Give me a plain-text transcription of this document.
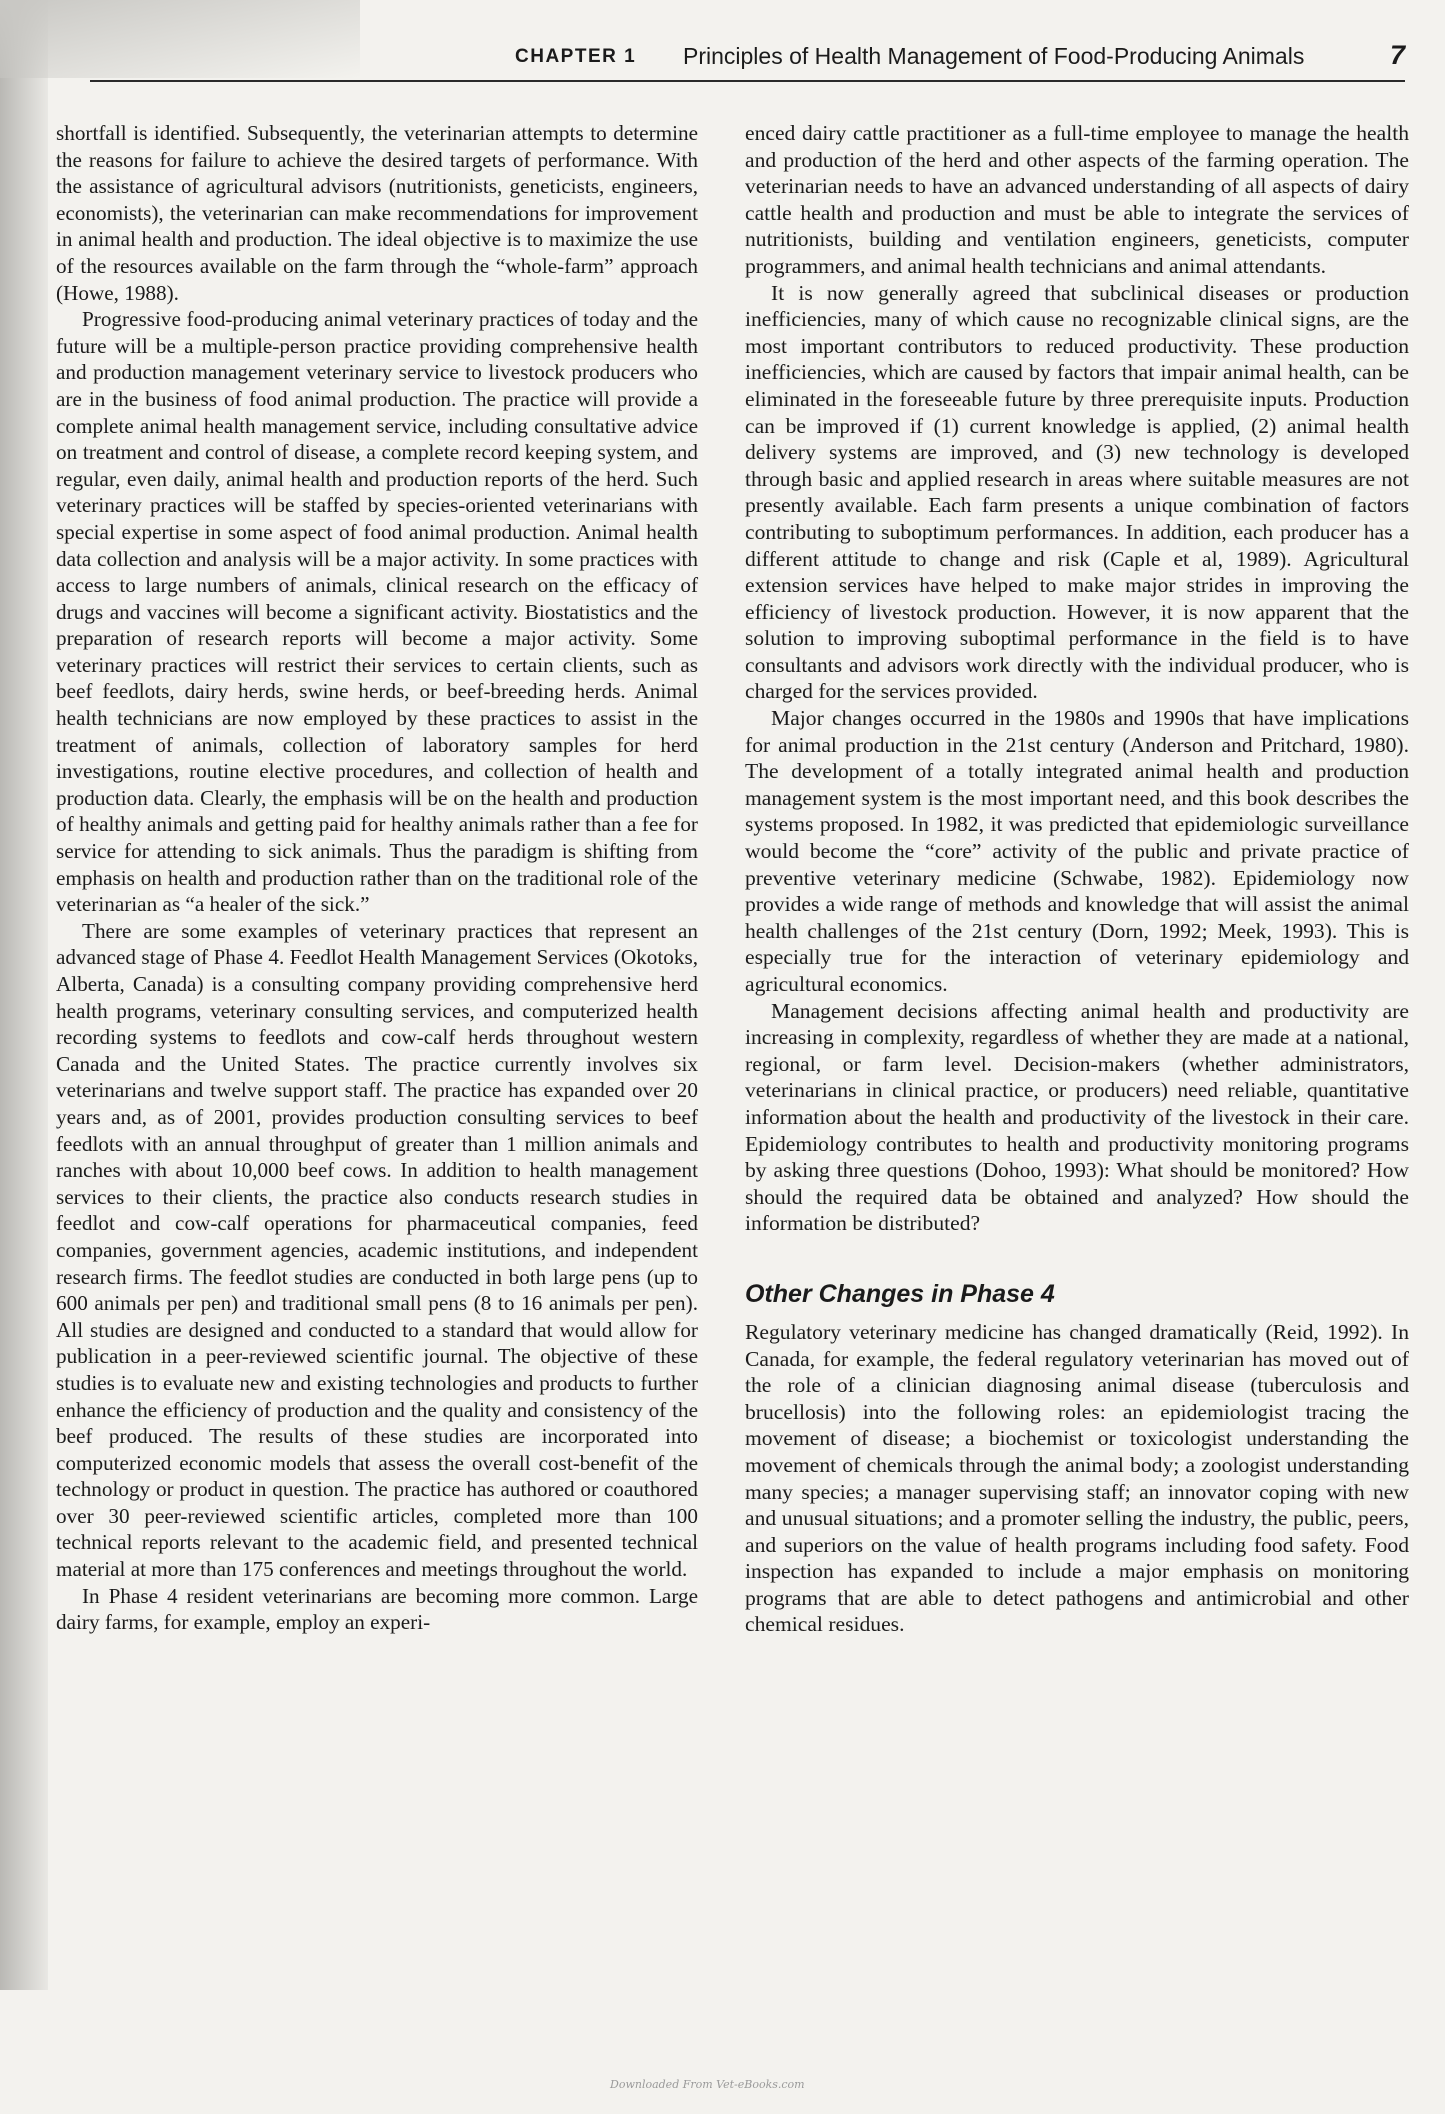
CHAPTER 1 Principles of Health Management of Food-Producing Animals	7

shortfall is identified. Subsequently, the veterinarian attempts to determine the reasons for failure to achieve the desired targets of performance. With the assistance of agricultural advisors (nutritionists, geneticists, engineers, economists), the veterinarian can make recommendations for improvement in animal health and production. The ideal objective is to maximize the use of the resources available on the farm through the “whole-farm” approach (Howe, 1988).

Progressive food-producing animal veterinary practices of today and the future will be a multiple-person practice providing comprehensive health and production management veterinary service to livestock producers who are in the business of food animal production. The practice will provide a complete animal health management service, including consultative advice on treatment and control of disease, a complete record keeping system, and regular, even daily, animal health and production reports of the herd. Such veterinary practices will be staffed by species-oriented veterinarians with special expertise in some aspect of food animal production. Animal health data collection and analysis will be a major activity. In some practices with access to large numbers of animals, clinical research on the efficacy of drugs and vaccines will become a significant activity. Biostatistics and the preparation of research reports will become a major activity. Some veterinary practices will restrict their services to certain clients, such as beef feedlots, dairy herds, swine herds, or beef-breeding herds. Animal health technicians are now employed by these practices to assist in the treatment of animals, collection of laboratory samples for herd investigations, routine elective procedures, and collection of health and production data. Clearly, the emphasis will be on the health and production of healthy animals and getting paid for healthy animals rather than a fee for service for attending to sick animals. Thus the paradigm is shifting from emphasis on health and production rather than on the traditional role of the veterinarian as “a healer of the sick.”

There are some examples of veterinary practices that represent an advanced stage of Phase 4. Feedlot Health Management Services (Okotoks, Alberta, Canada) is a consulting company providing comprehensive herd health programs, veterinary consulting services, and computerized health recording systems to feedlots and cow-calf herds throughout western Canada and the United States. The practice currently involves six veterinarians and twelve support staff. The practice has expanded over 20 years and, as of 2001, provides production consulting services to beef feedlots with an annual throughput of greater than 1 million animals and ranches with about 10,000 beef cows. In addition to health management services to their clients, the practice also conducts research studies in feedlot and cow-calf operations for pharmaceutical companies, feed companies, government agencies, academic institutions, and independent research firms. The feedlot studies are conducted in both large pens (up to 600 animals per pen) and traditional small pens (8 to 16 animals per pen). All studies are designed and conducted to a standard that would allow for publication in a peer-reviewed scientific journal. The objective of these studies is to evaluate new and existing technologies and products to further enhance the efficiency of production and the quality and consistency of the beef produced. The results of these studies are incorporated into computerized economic models that assess the overall cost-benefit of the technology or product in question. The practice has authored or coauthored over 30 peer-reviewed scientific articles, completed more than 100 technical reports relevant to the academic field, and presented technical material at more than 175 conferences and meetings throughout the world.

In Phase 4 resident veterinarians are becoming more common. Large dairy farms, for example, employ an experi-

enced dairy cattle practitioner as a full-time employee to manage the health and production of the herd and other aspects of the farming operation. The veterinarian needs to have an advanced understanding of all aspects of dairy cattle health and production and must be able to integrate the services of nutritionists, building and ventilation engineers, geneticists, computer programmers, and animal health technicians and animal attendants.

It is now generally agreed that subclinical diseases or production inefficiencies, many of which cause no recognizable clinical signs, are the most important contributors to reduced productivity. These production inefficiencies, which are caused by factors that impair animal health, can be eliminated in the foreseeable future by three prerequisite inputs. Production can be improved if (1) current knowledge is applied, (2) animal health delivery systems are improved, and (3) new technology is developed through basic and applied research in areas where suitable measures are not presently available. Each farm presents a unique combination of factors contributing to suboptimum performances. In addition, each producer has a different attitude to change and risk (Caple et al, 1989). Agricultural extension services have helped to make major strides in improving the efficiency of livestock production. However, it is now apparent that the solution to improving suboptimal performance in the field is to have consultants and advisors work directly with the individual producer, who is charged for the services provided.

Major changes occurred in the 1980s and 1990s that have implications for animal production in the 21st century (Anderson and Pritchard, 1980). The development of a totally integrated animal health and production management system is the most important need, and this book describes the systems proposed. In 1982, it was predicted that epidemiologic surveillance would become the “core” activity of the public and private practice of preventive veterinary medicine (Schwabe, 1982). Epidemiology now provides a wide range of methods and knowledge that will assist the animal health challenges of the 21st century (Dorn, 1992; Meek, 1993). This is especially true for the interaction of veterinary epidemiology and agricultural economics.

Management decisions affecting animal health and productivity are increasing in complexity, regardless of whether they are made at a national, regional, or farm level. Decision-makers (whether administrators, veterinarians in clinical practice, or producers) need reliable, quantitative information about the health and productivity of the livestock in their care. Epidemiology contributes to health and productivity monitoring programs by asking three questions (Dohoo, 1993): What should be monitored? How should the required data be obtained and analyzed? How should the information be distributed?

Other Changes in Phase 4

Regulatory veterinary medicine has changed dramatically (Reid, 1992). In Canada, for example, the federal regulatory veterinarian has moved out of the role of a clinician diagnosing animal disease (tuberculosis and brucellosis) into the following roles: an epidemiologist tracing the movement of disease; a biochemist or toxicologist understanding the movement of chemicals through the animal body; a zoologist understanding many species; a manager supervising staff; an innovator coping with new and unusual situations; and a promoter selling the industry, the public, peers, and superiors on the value of health programs including food safety. Food inspection has expanded to include a major emphasis on monitoring programs that are able to detect pathogens and antimicrobial and other chemical residues.

Downloaded From Vet-eBooks.com
